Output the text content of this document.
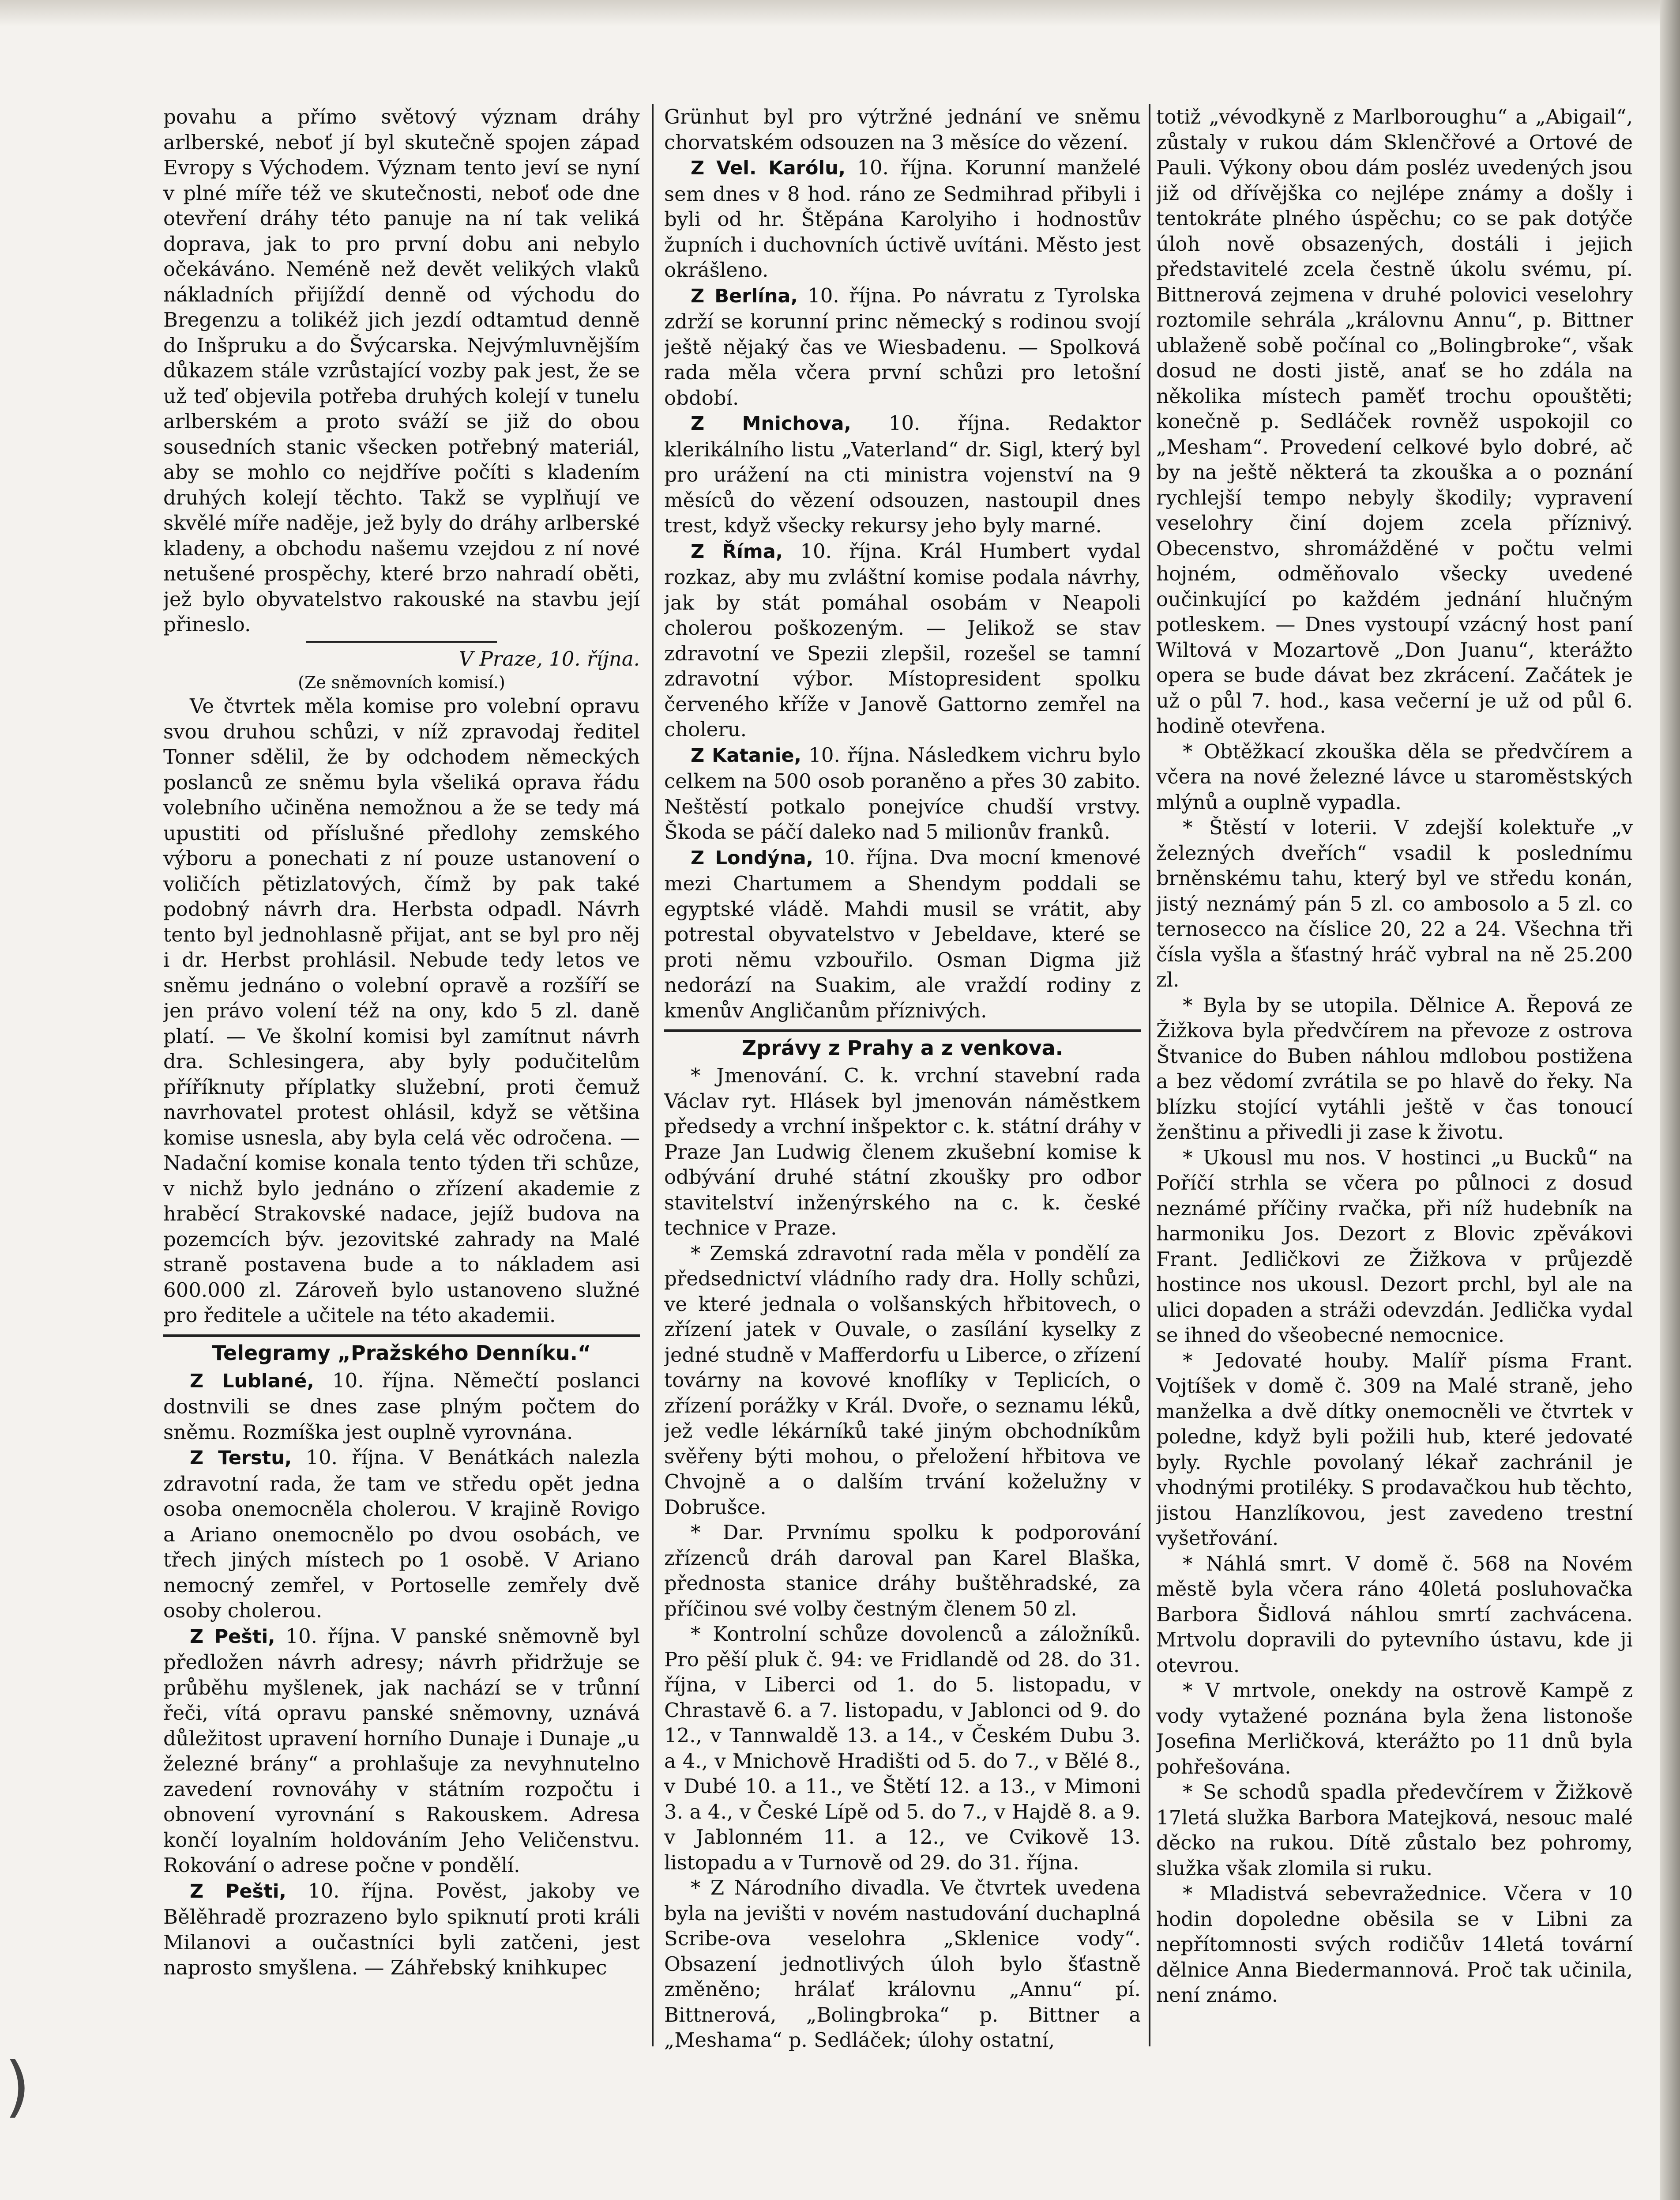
povahu a přímo světový význam dráhy arlberské, neboť jí byl skutečně spojen západ Evropy s Východem. Význam tento jeví se nyní v plné míře též ve skutečnosti, neboť ode dne otevření dráhy této panuje na ní tak veliká doprava, jak to pro první dobu ani nebylo očekáváno. Neméně než devět velikých vlaků nákladních přijíždí denně od východu do Bregenzu a tolikéž jich jezdí odtamtud denně do Inšpruku a do Švýcarska. Nejvýmluvnějším důkazem stále vzrůstající vozby pak jest, že se už teď objevila potřeba druhých kolejí v tunelu arlberském a proto sváží se již do obou sousedních stanic všecken potřebný materiál, aby se mohlo co nejdříve počíti s kladením druhých kolejí těchto. Takž se vyplňují ve skvělé míře naděje, jež byly do dráhy arlberské kladeny, a obchodu našemu vzejdou z ní nové netušené prospěchy, které brzo nahradí oběti, jež bylo obyvatelstvo rakouské na stavbu její přineslo.

V Praze, 10. října.
(Ze sněmovních komisí.)

Ve čtvrtek měla komise pro volební opravu svou druhou schůzi, v níž zpravodaj ředitel Tonner sdělil, že by odchodem německých poslanců ze sněmu byla všeliká oprava řádu volebního učiněna nemožnou a že se tedy má upustiti od příslušné předlohy zemského výboru a ponechati z ní pouze ustanovení o voličích pětizlatových, čímž by pak také podobný návrh dra. Herbsta odpadl. Návrh tento byl jednohlasně přijat, ant se byl pro něj i dr. Herbst prohlásil. Nebude tedy letos ve sněmu jednáno o volební opravě a rozšíří se jen právo volení též na ony, kdo 5 zl. daně platí. — Ve školní komisi byl zamítnut návrh dra. Schlesingera, aby byly podučitelům příříknuty příplatky služební, proti čemuž navrhovatel protest ohlásil, když se většina komise usnesla, aby byla celá věc odročena. — Nadační komise konala tento týden tři schůze, v nichž bylo jednáno o zřízení akademie z hraběcí Strakovské nadace, jejíž budova na pozemcích býv. jezovitské zahrady na Malé straně postavena bude a to nákladem asi 600.000 zl. Zároveň bylo ustanoveno služné pro ředitele a učitele na této akademii.

Telegramy „Pražského Denníku.“

Z Lublané, 10. října. Němečtí poslanci dostnvili se dnes zase plným počtem do sněmu. Rozmíška jest ouplně vyrovnána.

Z Terstu, 10. října. V Benátkách nalezla zdravotní rada, že tam ve středu opět jedna osoba onemocněla cholerou. V krajině Rovigo a Ariano onemocnělo po dvou osobách, ve třech jiných místech po 1 osobě. V Ariano nemocný zemřel, v Portoselle zemřely dvě osoby cholerou.

Z Pešti, 10. října. V panské sněmovně byl předložen návrh adresy; návrh přidržuje se průběhu myšlenek, jak nachází se v trůnní řeči, vítá opravu panské sněmovny, uznává důležitost upravení horního Dunaje i Dunaje „u železné brány“ a prohlašuje za nevyhnutelno zavedení rovnováhy v státním rozpočtu i obnovení vyrovnání s Rakouskem. Adresa končí loyalním holdováním Jeho Veličenstvu. Rokování o adrese počne v pondělí.

Z Pešti, 10. října. Pověst, jakoby ve Bělěhradě prozrazeno bylo spiknutí proti králi Milanovi a oučastníci byli zatčeni, jest naprosto smyšlena. — Záhřebský knihkupec

Grünhut byl pro výtržné jednání ve sněmu chorvatském odsouzen na 3 měsíce do vězení.

Z Vel. Karólu, 10. října. Korunní manželé sem dnes v 8 hod. ráno ze Sedmihrad přibyli i byli od hr. Štěpána Karolyiho i hodnostův župních i duchovních úctivě uvítáni. Město jest okrášleno.

Z Berlína, 10. října. Po návratu z Tyrolska zdrží se korunní princ německý s rodinou svojí ještě nějaký čas ve Wiesbadenu. — Spolková rada měla včera první schůzi pro letošní období.

Z Mnichova, 10. října. Redaktor klerikálního listu „Vaterland“ dr. Sigl, který byl pro urážení na cti ministra vojenství na 9 měsíců do vězení odsouzen, nastoupil dnes trest, když všecky rekursy jeho byly marné.

Z Říma, 10. října. Král Humbert vydal rozkaz, aby mu zvláštní komise podala návrhy, jak by stát pomáhal osobám v Neapoli cholerou poškozeným. — Jelikož se stav zdravotní ve Spezii zlepšil, rozešel se tamní zdravotní výbor. Místopresident spolku červeného kříže v Janově Gattorno zemřel na choleru.

Z Katanie, 10. října. Následkem vichru bylo celkem na 500 osob poraněno a přes 30 zabito. Neštěstí potkalo ponejvíce chudší vrstvy. Škoda se páčí daleko nad 5 milionův franků.

Z Londýna, 10. října. Dva mocní kmenové mezi Chartumem a Shendym poddali se egyptské vládě. Mahdi musil se vrátit, aby potrestal obyvatelstvo v Jebeldave, které se proti němu vzbouřilo. Osman Digma již nedorází na Suakim, ale vraždí rodiny z kmenův Angličanům příznivých.

Zprávy z Prahy a z venkova.

* Jmenování. C. k. vrchní stavební rada Václav ryt. Hlásek byl jmenován náměstkem předsedy a vrchní inšpektor c. k. státní dráhy v Praze Jan Ludwig členem zkušební komise k odbývání druhé státní zkoušky pro odbor stavitelství inženýrského na c. k. české technice v Praze.

* Zemská zdravotní rada měla v pondělí za předsednictví vládního rady dra. Holly schůzi, ve které jednala o volšanských hřbitovech, o zřízení jatek v Ouvale, o zasílání kyselky z jedné studně v Mafferdorfu u Liberce, o zřízení továrny na kovové knoflíky v Teplicích, o zřízení porážky v Král. Dvoře, o seznamu léků, jež vedle lékárníků také jiným obchodníkům svěřeny býti mohou, o přeložení hřbitova ve Chvojně a o dalším trvání koželužny v Dobrušce.

* Dar. Prvnímu spolku k podporování zřízenců dráh daroval pan Karel Blaška, přednosta stanice dráhy buštěhradské, za příčinou své volby čestným členem 50 zl.

* Kontrolní schůze dovolenců a záložníků. Pro pěší pluk č. 94: ve Fridlandě od 28. do 31. října, v Liberci od 1. do 5. listopadu, v Chrastavě 6. a 7. listopadu, v Jablonci od 9. do 12., v Tannwaldě 13. a 14., v Českém Dubu 3. a 4., v Mnichově Hradišti od 5. do 7., v Bělé 8., v Dubé 10. a 11., ve Štětí 12. a 13., v Mimoni 3. a 4., v České Lípě od 5. do 7., v Hajdě 8. a 9. v Jablonném 11. a 12., ve Cvikově 13. listopadu a v Turnově od 29. do 31. října.

* Z Národního divadla. Ve čtvrtek uvedena byla na jevišti v novém nastudování duchaplná Scribe-ova veselohra „Sklenice vody“. Obsazení jednotlivých úloh bylo šťastně změněno; hrálať královnu „Annu“ pí. Bittnerová, „Bolingbroka“ p. Bittner a „Meshama“ p. Sedláček; úlohy ostatní,

totiž „vévodkyně z Marlboroughu“ a „Abigail“, zůstaly v rukou dám Sklenčřové a Ortové de Pauli. Výkony obou dám posléz uvedených jsou již od dřívějška co nejlépe známy a došly i tentokráte plného úspěchu; co se pak dotýče úloh nově obsazených, dostáli i jejich představitelé zcela čestně úkolu svému, pí. Bittnerová zejmena v druhé polovici veselohry roztomile sehrála „královnu Annu“, p. Bittner ublaženě sobě počínal co „Bolingbroke“, však dosud ne dosti jistě, anať se ho zdála na několika místech paměť trochu opouštěti; konečně p. Sedláček rovněž uspokojil co „Mesham“. Provedení celkové bylo dobré, ač by na ještě některá ta zkouška a o poznání rychlejší tempo nebyly škodily; vypravení veselohry činí dojem zcela příznivý. Obecenstvo, shromážděné v počtu velmi hojném, odměňovalo všecky uvedené oučinkující po každém jednání hlučným potleskem. — Dnes vystoupí vzácný host paní Wiltová v Mozartově „Don Juanu“, kterážto opera se bude dávat bez zkrácení. Začátek je už o půl 7. hod., kasa večerní je už od půl 6. hodině otevřena.

* Obtěžkací zkouška děla se předvčírem a včera na nové železné lávce u staroměstských mlýnů a ouplně vypadla.

* Štěstí v loterii. V zdejší kolektuře „v železných dveřích“ vsadil k poslednímu brněnskému tahu, který byl ve středu konán, jistý neznámý pán 5 zl. co ambosolo a 5 zl. co ternosecco na číslice 20, 22 a 24. Všechna tři čísla vyšla a šťastný hráč vybral na ně 25.200 zl.

* Byla by se utopila. Dělnice A. Řepová ze Žižkova byla předvčírem na převoze z ostrova Štvanice do Buben náhlou mdlobou postižena a bez vědomí zvrátila se po hlavě do řeky. Na blízku stojící vytáhli ještě v čas tonoucí ženštinu a přivedli ji zase k životu.

* Ukousl mu nos. V hostinci „u Bucků“ na Poříčí strhla se včera po půlnoci z dosud neznámé příčiny rvačka, při níž hudebník na harmoniku Jos. Dezort z Blovic zpěvákovi Frant. Jedličkovi ze Žižkova v průjezdě hostince nos ukousl. Dezort prchl, byl ale na ulici dopaden a stráži odevzdán. Jedlička vydal se ihned do všeobecné nemocnice.

* Jedovaté houby. Malíř písma Frant. Vojtíšek v domě č. 309 na Malé straně, jeho manželka a dvě dítky onemocněli ve čtvrtek v poledne, když byli požili hub, které jedovaté byly. Rychle povolaný lékař zachránil je vhodnými protiléky. S prodavačkou hub těchto, jistou Hanzlíkovou, jest zavedeno trestní vyšetřování.

* Náhlá smrt. V domě č. 568 na Novém městě byla včera ráno 40letá posluhovačka Barbora Šidlová náhlou smrtí zachvácena. Mrtvolu dopravili do pytevního ústavu, kde ji otevrou.

* V mrtvole, onekdy na ostrově Kampě z vody vytažené poznána byla žena listonoše Josefina Merličková, kterážto po 11 dnů byla pohřešována.

* Se schodů spadla předevčírem v Žižkově 17letá služka Barbora Matejková, nesouc malé děcko na rukou. Dítě zůstalo bez pohromy, služka však zlomila si ruku.

* Mladistvá sebevražednice. Včera v 10 hodin dopoledne oběsila se v Libni za nepřítomnosti svých rodičův 14letá tovární dělnice Anna Biedermannová. Proč tak učinila, není známo.

)
